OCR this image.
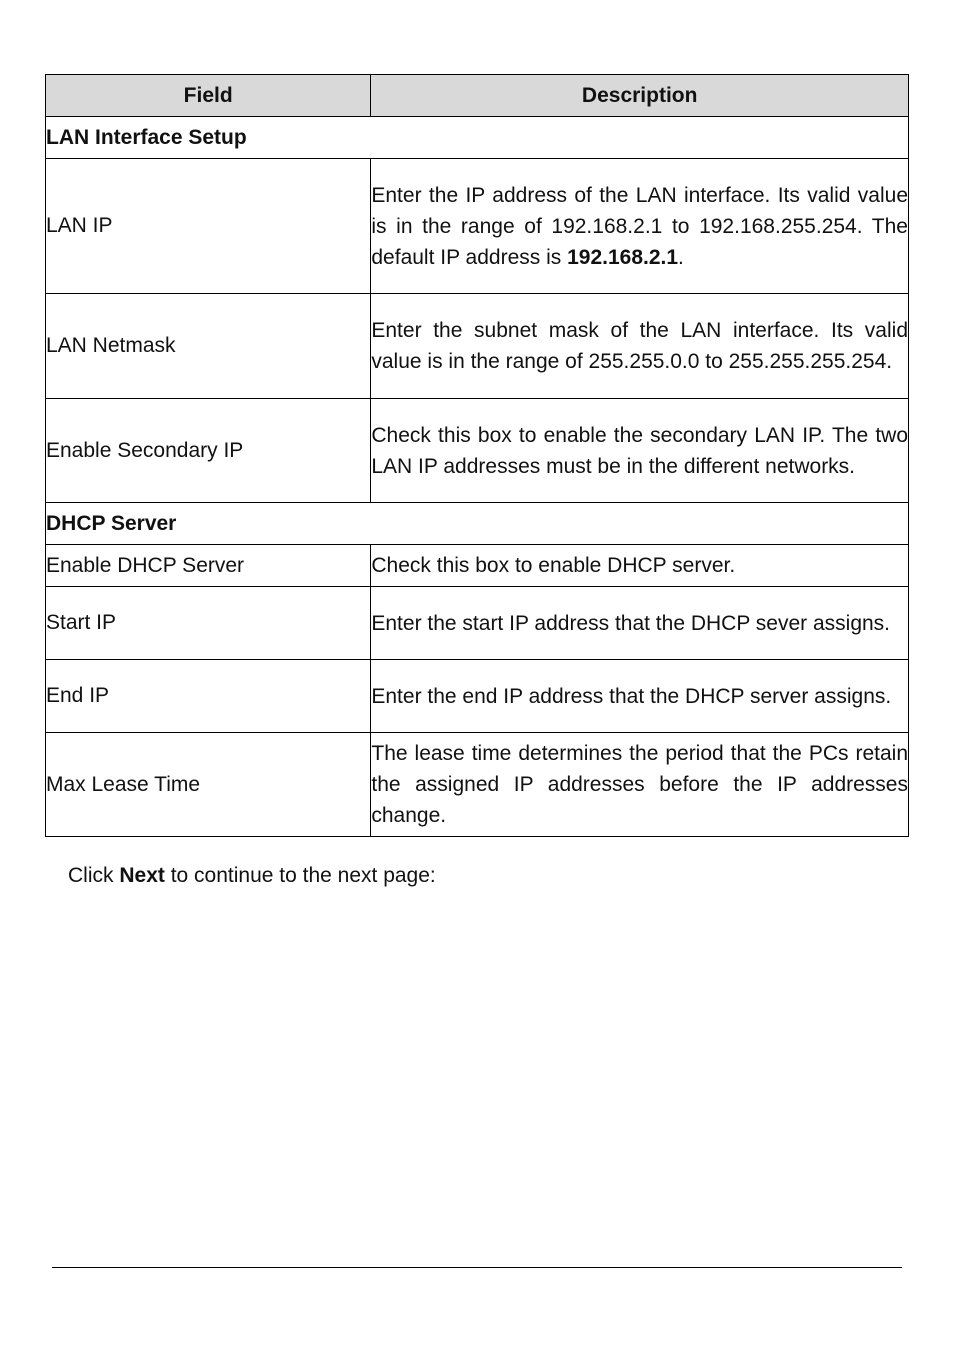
Field	Description
LAN Interface Setup	
LAN IP	Enter the IP address of the LAN interface. Its valid value is in the range of 192.168.2.1 to 192.168.255.254. The default IP address is 192.168.2.1.
LAN Netmask	Enter the subnet mask of the LAN interface. Its valid value is in the range of 255.255.0.0 to 255.255.255.254.
Enable Secondary IP	Check this box to enable the secondary LAN IP. The two LAN IP addresses must be in the different networks.
DHCP Server	
Enable DHCP Server	Check this box to enable DHCP server.
Start IP	Enter the start IP address that the DHCP sever assigns.
End IP	Enter the end IP address that the DHCP server assigns.
Max Lease Time	The lease time determines the period that the PCs retain the assigned IP addresses before the IP addresses change.

Click Next to continue to the next page:
